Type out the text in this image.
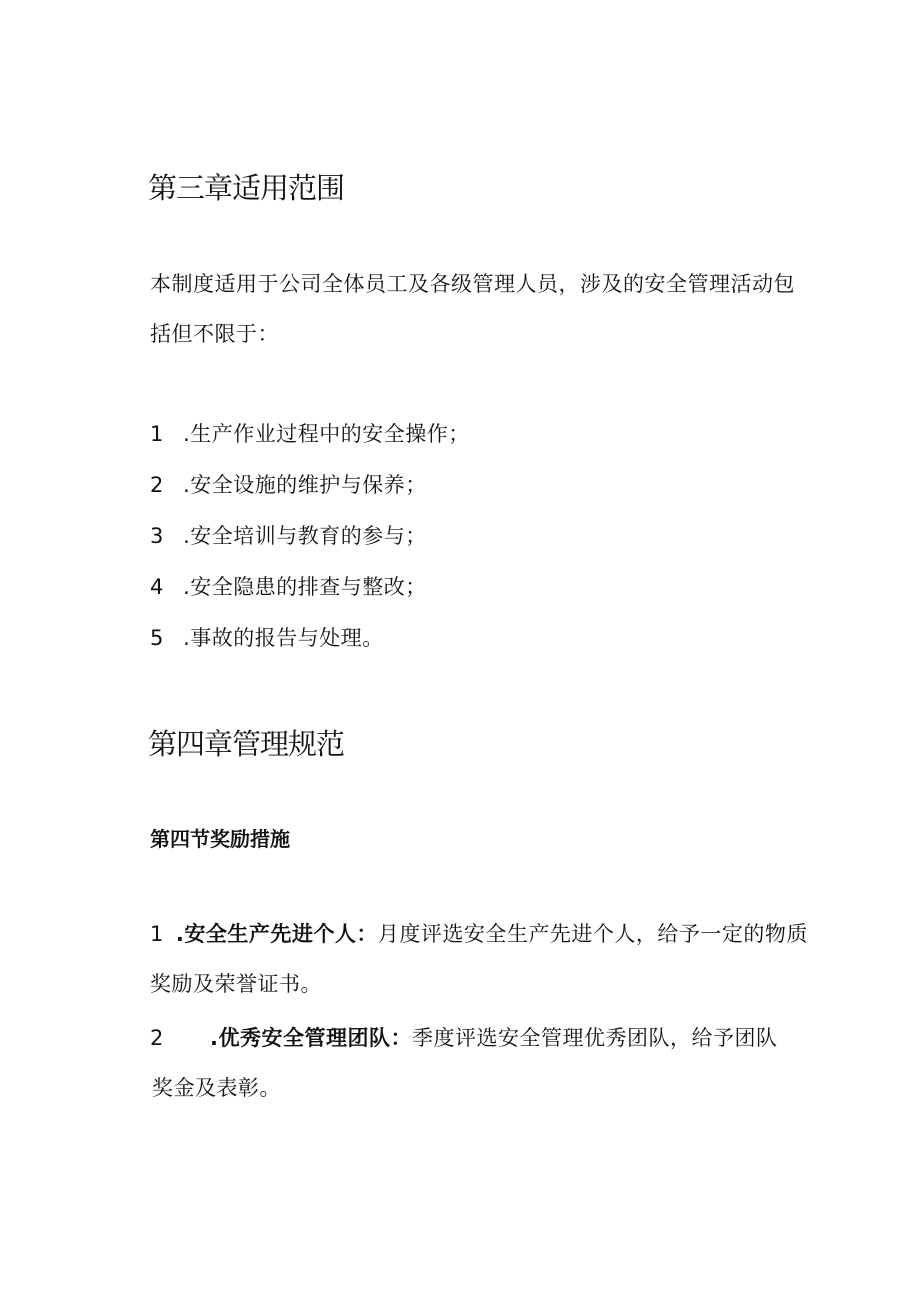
第三章适用范围
本制度适用于公司全体员工及各级管理人员，涉及的安全管理活动包
括但不限于：
1 .生产作业过程中的安全操作；
2 .安全设施的维护与保养；
3 .安全培训与教育的参与；
4 .安全隐患的排查与整改；
5 .事故的报告与处理。
第四章管理规范
第四节奖励措施
1 .安全生产先进个人：月度评选安全生产先进个人，给予一定的物质
奖励及荣誉证书。
2 .优秀安全管理团队：季度评选安全管理优秀团队，给予团队
奖金及表彰。
